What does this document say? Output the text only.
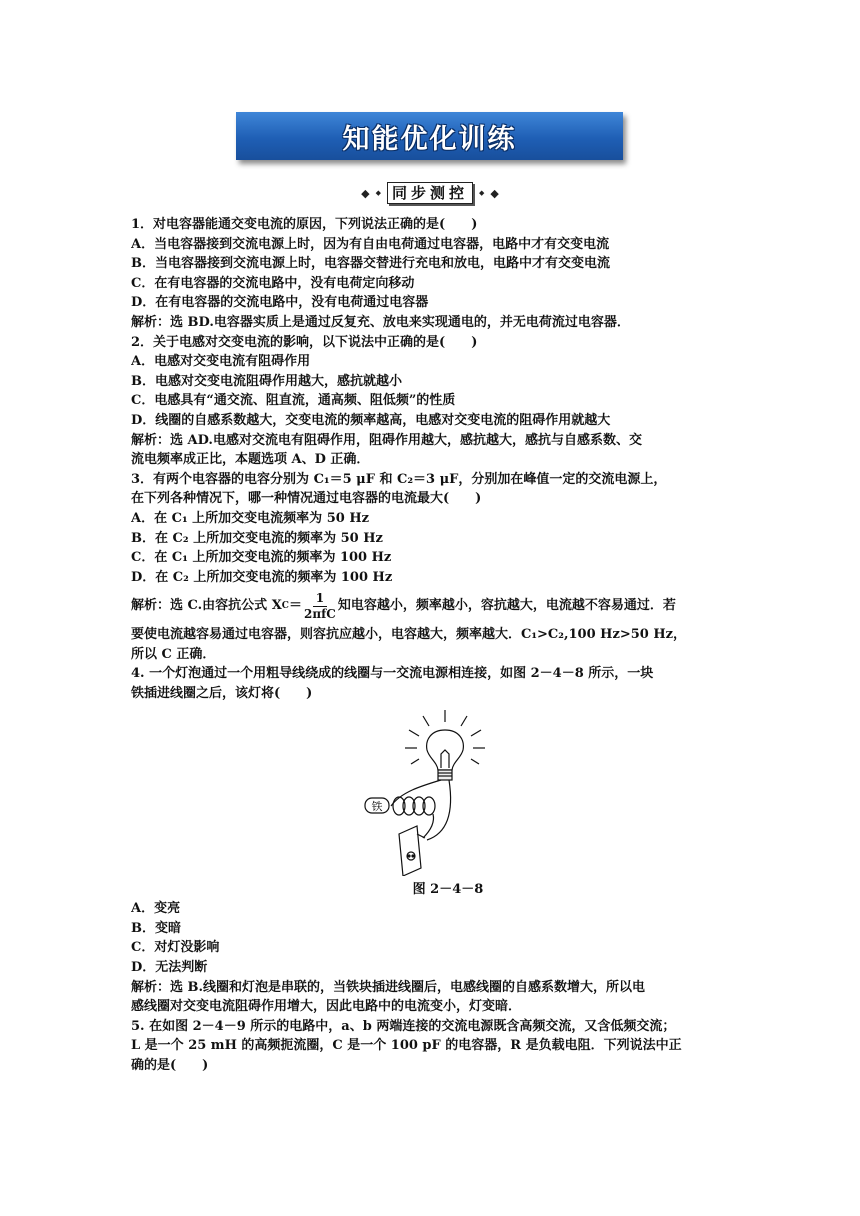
知能优化训练
◆ ◆ 同步测控	◆ ◆
1．对电容器能通交变电流的原因，下列说法正确的是(　　)
A．当电容器接到交流电源上时，因为有自由电荷通过电容器，电路中才有交变电流
B．当电容器接到交流电源上时，电容器交替进行充电和放电，电路中才有交变电流
C．在有电容器的交流电路中，没有电荷定向移动
D．在有电容器的交流电路中，没有电荷通过电容器
解析：选 BD.电容器实质上是通过反复充、放电来实现通电的，并无电荷流过电容器．
2．关于电感对交变电流的影响，以下说法中正确的是(　　)
A．电感对交变电流有阻碍作用
B．电感对交变电流阻碍作用越大，感抗就越小
C．电感具有“通交流、阻直流，通高频、阻低频”的性质
D．线圈的自感系数越大，交变电流的频率越高，电感对交变电流的阻碍作用就越大
解析：选 AD.电感对交流电有阻碍作用，阻碍作用越大，感抗越大，感抗与自感系数、交
流电频率成正比，本题选项 A、D 正确．
3．有两个电容器的电容分别为 C₁＝5 μF 和 C₂＝3 μF，分别加在峰值一定的交流电源上，
在下列各种情况下，哪一种情况通过电容器的电流最大(　　)
A．在 C₁ 上所加交变电流频率为 50 Hz
B．在 C₂ 上所加交变电流的频率为 50 Hz
C．在 C₁ 上所加交变电流的频率为 100 Hz
D．在 C₂ 上所加交变电流的频率为 100 Hz
解析：选 C.由容抗公式 X $C = \frac{1}{\text{2πfC}}$ 知电容越小，频率越小，容抗越大，电流越不容易通过．若
要使电流越容易通过电容器，则容抗应越小，电容越大，频率越大．C₁>C₂,100 Hz>50 Hz，
所以 C 正确．
4. 一个灯泡通过一个用粗导线绕成的线圈与一交流电源相连接，如图 2－4－8 所示，一块
铁插进线圈之后，该灯将(　　)
铁
图 2－4－8
A．变亮
B．变暗
C．对灯没影响
D．无法判断
解析：选 B.线圈和灯泡是串联的，当铁块插进线圈后，电感线圈的自感系数增大，所以电
感线圈对交变电流阻碍作用增大，因此电路中的电流变小，灯变暗．
5. 在如图 2－4－9 所示的电路中，a、b 两端连接的交流电源既含高频交流，又含低频交流；
L 是一个 25 mH 的高频扼流圈，C 是一个 100 pF 的电容器，R 是负载电阻．下列说法中正
确的是(　　)
